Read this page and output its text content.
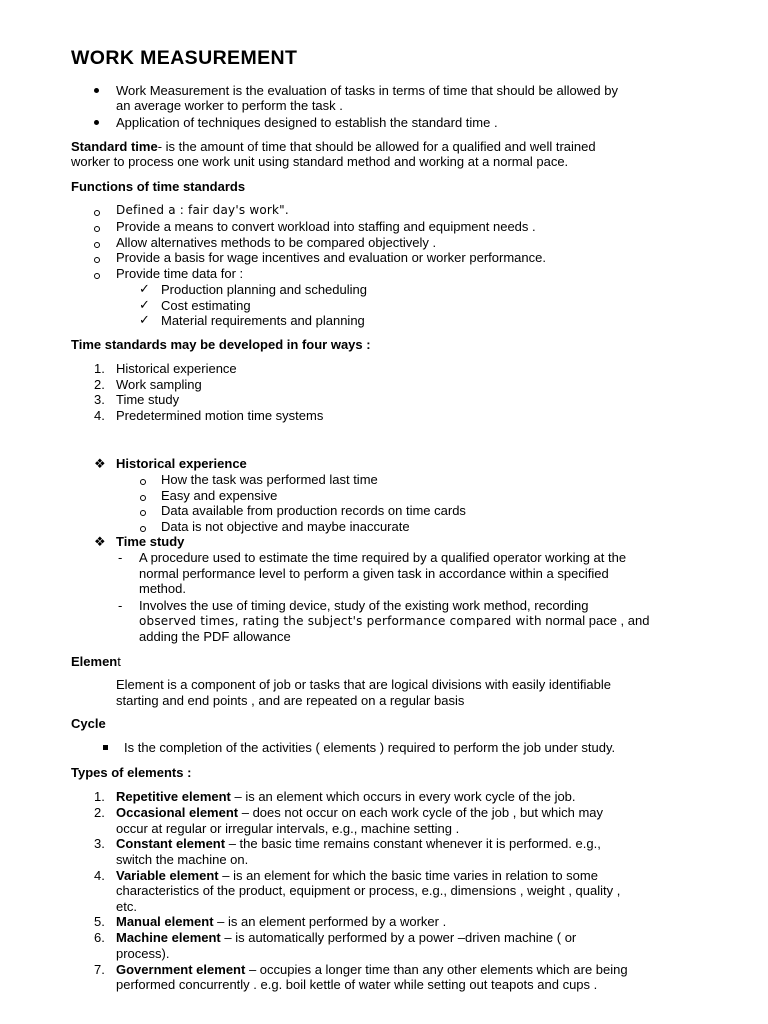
WORK MEASUREMENT
Work Measurement is the evaluation of tasks in terms of time that should be allowed by
an average worker to perform the task .
Application of techniques designed to establish the standard time .
Standard time- is the amount of time that should be allowed for a qualified and well trained
worker to process one work unit using standard method and working at a normal pace.
Functions of time standards
Defined a : fair day's work".
Provide a means to convert workload into staffing and equipment needs .
Allow alternatives methods to be compared objectively .
Provide a basis for wage incentives and evaluation or worker performance.
Provide time data for :
✓ Production planning and scheduling
✓ Cost estimating
✓ Material requirements and planning
Time standards may be developed in four ways :
1. Historical experience
2. Work sampling
3. Time study
4. Predetermined motion time systems
❖ Historical experience
How the task was performed last time
Easy and expensive
Data available from production records on time cards
Data is not objective and maybe inaccurate
❖ Time study
- A procedure used to estimate the time required by a qualified operator working at the
normal performance level to perform a given task in accordance within a specified
method.
- Involves the use of timing device, study of the existing work method, recording
observed times, rating the subject's performance compared with normal pace , and
adding the PDF allowance
Element
Element is a component of job or tasks that are logical divisions with easily identifiable
starting and end points , and are repeated on a regular basis
Cycle
Is the completion of the activities ( elements ) required to perform the job under study.
Types of elements :
1. Repetitive element – is an element which occurs in every work cycle of the job.
2. Occasional element – does not occur on each work cycle of the job , but which may
occur at regular or irregular intervals, e.g., machine setting .
3. Constant element – the basic time remains constant whenever it is performed. e.g.,
switch the machine on.
4. Variable element – is an element for which the basic time varies in relation to some
characteristics of the product, equipment or process, e.g., dimensions , weight , quality ,
etc.
5. Manual element – is an element performed by a worker .
6. Machine element – is automatically performed by a power –driven machine ( or
process).
7. Government element – occupies a longer time than any other elements which are being
performed concurrently . e.g. boil kettle of water while setting out teapots and cups .
